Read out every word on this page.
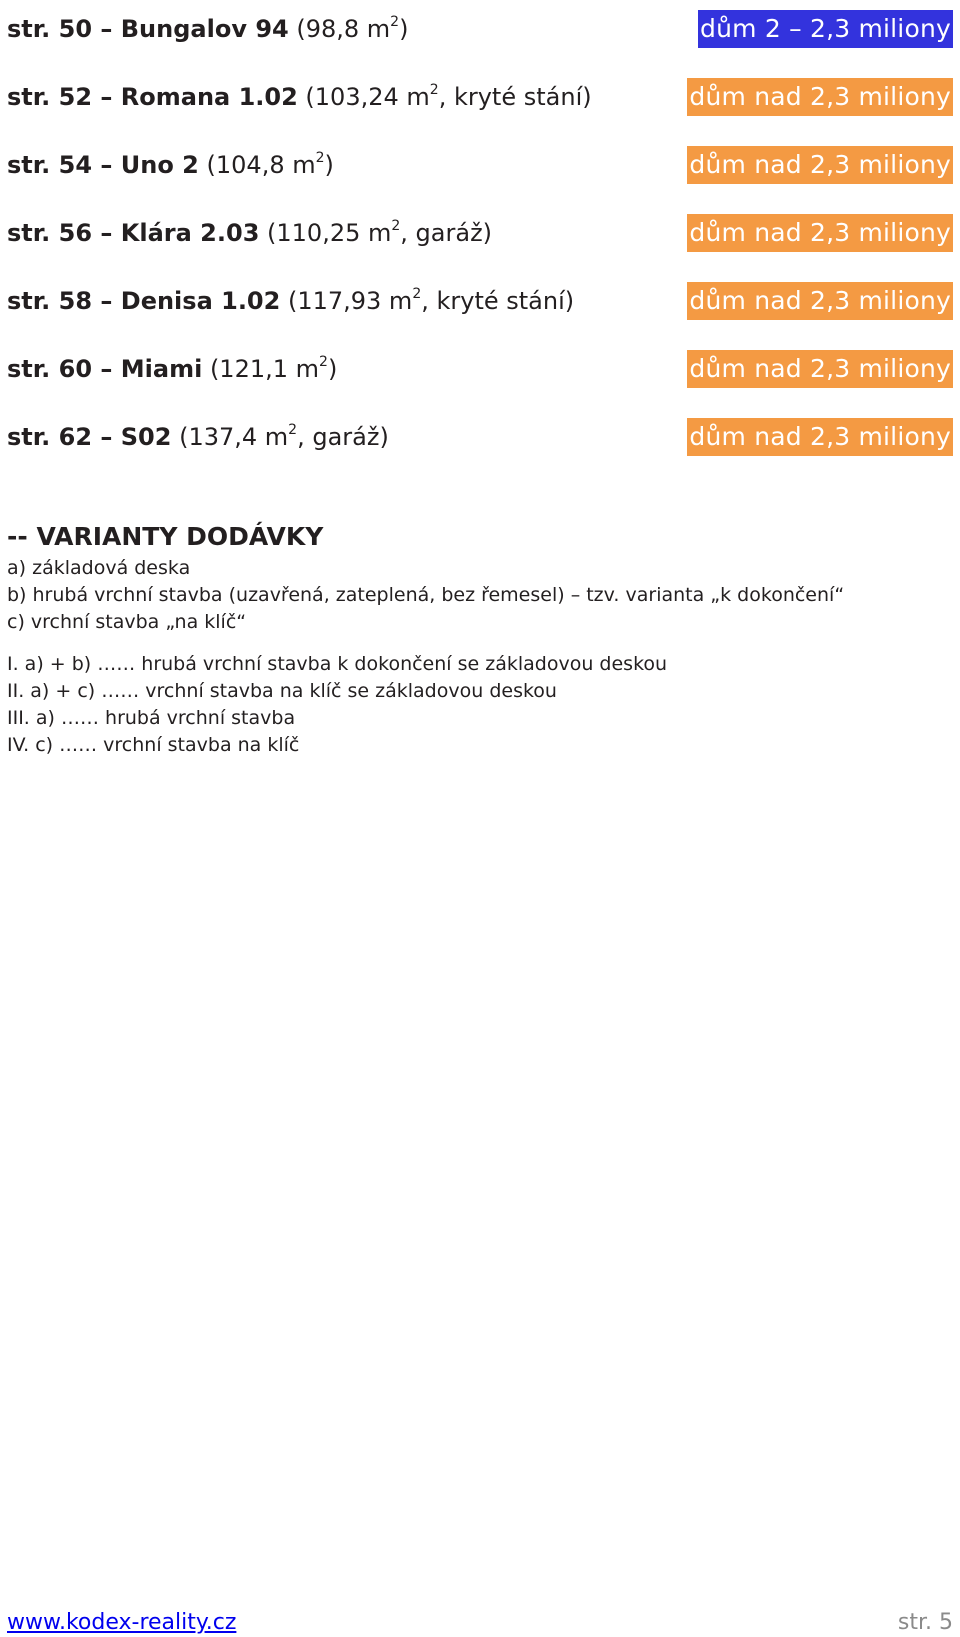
str. 50 – Bungalov 94 (98,8 $m^2$)	dům 2 – 2,3 miliony
str. 52 – Romana 1.02 (103,24 $m^2$, kryté stání)	dům nad 2,3 miliony
str. 54 – Uno 2 (104,8 $m^2$)	dům nad 2,3 miliony
str. 56 – Klára 2.03 (110,25 $m^2$, garáž)	dům nad 2,3 miliony
str. 58 – Denisa 1.02 (117,93 $m^2$, kryté stání)	dům nad 2,3 miliony
str. 60 – Miami (121,1 $m^2$)	dům nad 2,3 miliony
str. 62 – S02 (137,4 $m^2$, garáž)	dům nad 2,3 miliony
-- VARIANTY DODÁVKY
a) základová deska
b) hrubá vrchní stavba (uzavřená, zateplená, bez řemesel) – tzv. varianta „k dokončení“
c) vrchní stavba „na klíč“
I. a) + b) …… hrubá vrchní stavba k dokončení se základovou deskou
II. a) + c) …… vrchní stavba na klíč se základovou deskou
III. a) …… hrubá vrchní stavba
IV. c) …… vrchní stavba na klíč
www.kodex-reality.cz	str. 5
